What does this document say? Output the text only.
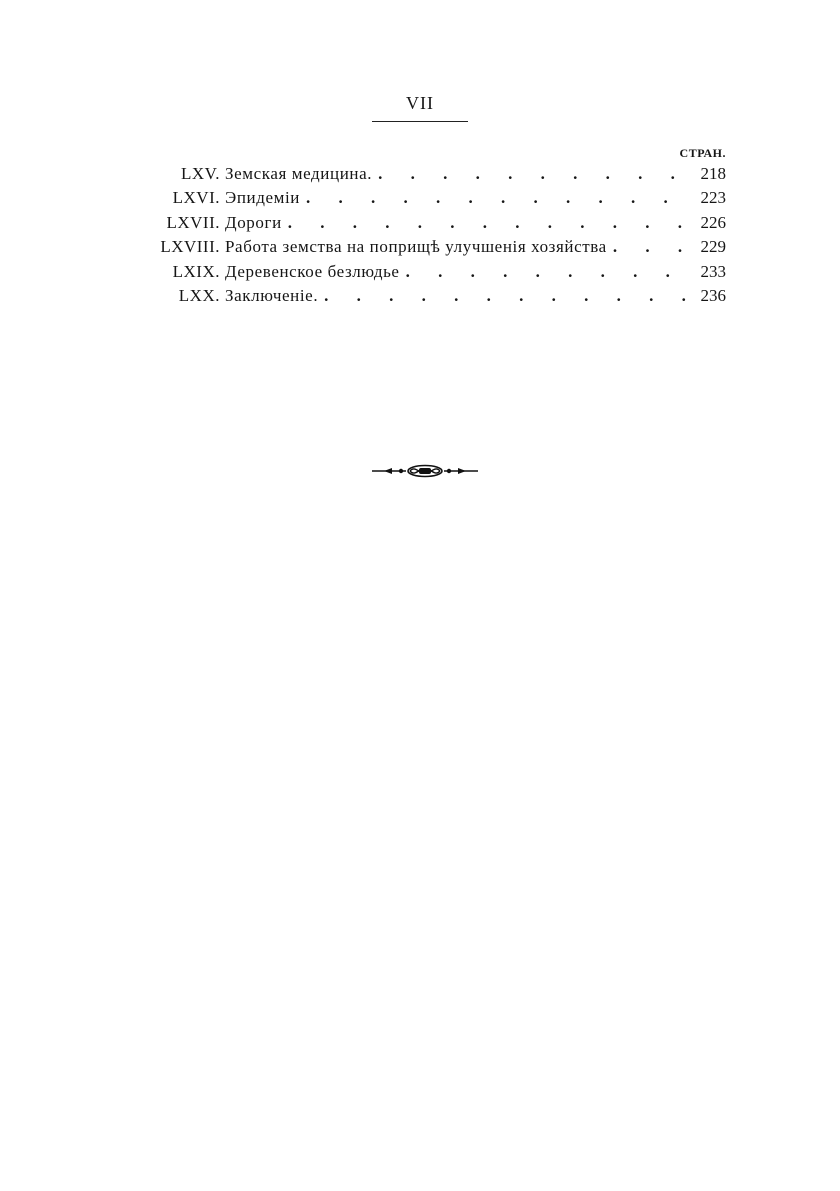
VII
СТРАН.
LXV. Земская медицина. . . .	218
LXVI. Эпидеміи . . .	223
LXVII. Дороги . . .	226
LXVIII. Работа земства на поприщѣ улучшенія хозяйства . . .	229
LXIX. Деревенское безлюдье . . .	233
LXX. Заключеніе. . . .	236
